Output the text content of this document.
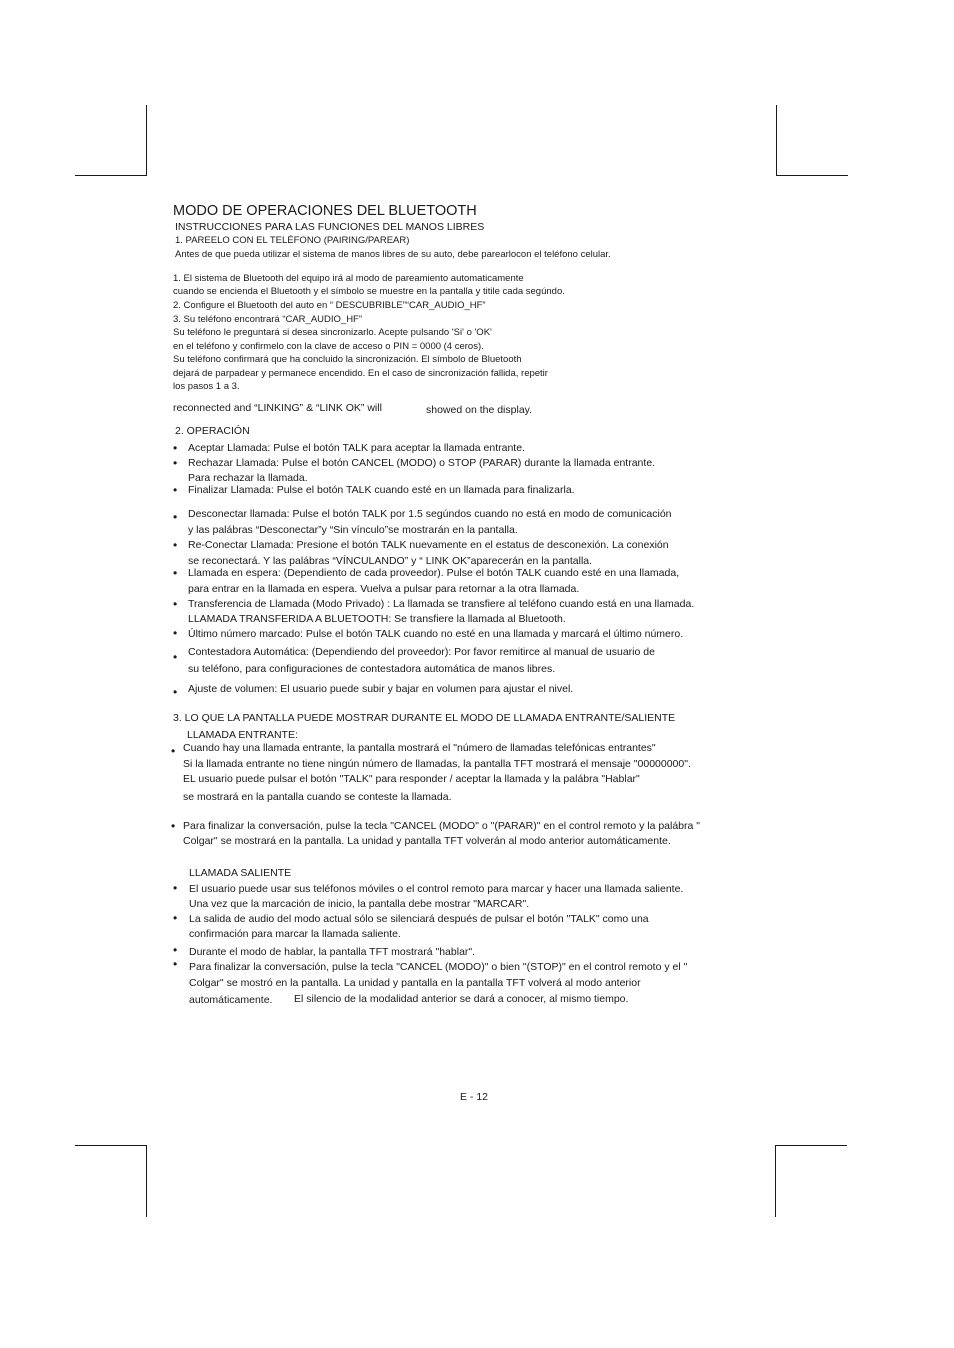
MODO DE OPERACIONES DEL BLUETOOTH
INSTRUCCIONES PARA LAS FUNCIONES DEL MANOS LIBRES
1. PAREELO CON EL TELÉFONO (PAIRING/PAREAR)
Antes de que pueda utilizar el sistema de manos libres de su auto, debe parearlocon el teléfono celular.
1. El sistema de Bluetooth del equipo irá al modo de pareamiento automaticamente
cuando se encienda el Bluetooth y el símbolo se muestre en la pantalla y titile cada segúndo.
2. Configure el Bluetooth del auto en “ DESCUBRIBLE”“CAR_AUDIO_HF”
3. Su teléfono encontrará “CAR_AUDIO_HF”
Su teléfono le preguntará si desea sincronizarlo. Acepte pulsando 'Si' o 'OK'
en el teléfono y confirmelo con la clave de acceso o PIN = 0000 (4 ceros).
Su teléfono confirmará que ha concluido la sincronización. El símbolo de Bluetooth
dejará de parpadear y permanece encendido. En el caso de sincronización fallida, repetir
los pasos 1 a 3.
reconnected and “LINKING” & “LINK OK” will	showed on the display.
2. OPERACIÓN
• Aceptar Llamada: Pulse el botón TALK para aceptar la llamada entrante.
• Rechazar Llamada: Pulse el botón CANCEL (MODO) o STOP (PARAR) durante la llamada entrante.
Para rechazar la llamada.
• Finalizar Llamada: Pulse el botón TALK cuando esté en un llamada para finalizarla.
• Desconectar llamada: Pulse el botón TALK por 1.5 segúndos cuando no está en modo de comunicación
y las palábras “Desconectar”y “Sin vínculo”se mostrarán en la pantalla.
• Re-Conectar Llamada: Presione el botón TALK nuevamente en el estatus de desconexión. La conexión
se reconectará. Y las palábras “VÍNCULANDO” y “ LINK OK”aparecerán en la pantalla.
• Llamada en espera: (Dependiento de cada proveedor). Pulse el botón TALK cuando esté en una llamada,
para entrar en la llamada en espera. Vuelva a pulsar para retornar a la otra llamada.
• Transferencia de Llamada (Modo Privado) : La llamada se transfiere al teléfono cuando está en una llamada.
LLAMADA TRANSFERIDA A BLUETOOTH: Se transfiere la llamada al Bluetooth.
• Último número marcado: Pulse el botón TALK cuando no esté en una llamada y marcará el último número.
• Contestadora Automática: (Dependiendo del proveedor): Por favor remitirce al manual de usuario de
su teléfono, para configuraciones de contestadora automática de manos libres.
• Ajuste de volumen: El usuario puede subir y bajar en volumen para ajustar el nivel.
3. LO QUE LA PANTALLA PUEDE MOSTRAR DURANTE EL MODO DE LLAMADA ENTRANTE/SALIENTE
LLAMADA ENTRANTE:
• Cuando hay una llamada entrante, la pantalla mostrará el "número de llamadas telefónicas entrantes"
Si la llamada entrante no tiene ningún número de llamadas, la pantalla TFT mostrará el mensaje "00000000".
EL usuario puede pulsar el botón "TALK" para responder / aceptar la llamada y la palábra "Hablar"
se mostrará en la pantalla cuando se conteste la llamada.
• Para finalizar la conversación, pulse la tecla "CANCEL (MODO" o "(PARAR)" en el control remoto y la palábra "
Colgar" se mostrará en la pantalla. La unidad y pantalla TFT volverán al modo anterior automáticamente.
LLAMADA SALIENTE
• El usuario puede usar sus teléfonos móviles o el control remoto para marcar y hacer una llamada saliente.
Una vez que la marcación de inicio, la pantalla debe mostrar "MARCAR".
• La salida de audio del modo actual sólo se silenciará después de pulsar el botón "TALK" como una
confirmación para marcar la llamada saliente.
• Durante el modo de hablar, la pantalla TFT mostrará "hablar".
• Para finalizar la conversación, pulse la tecla "CANCEL (MODO)" o bien "(STOP)" en el control remoto y el "
Colgar" se mostró en la pantalla. La unidad y pantalla en la pantalla TFT volverá al modo anterior
automáticamente. El silencio de la modalidad anterior se dará a conocer, al mismo tiempo.
E - 12
